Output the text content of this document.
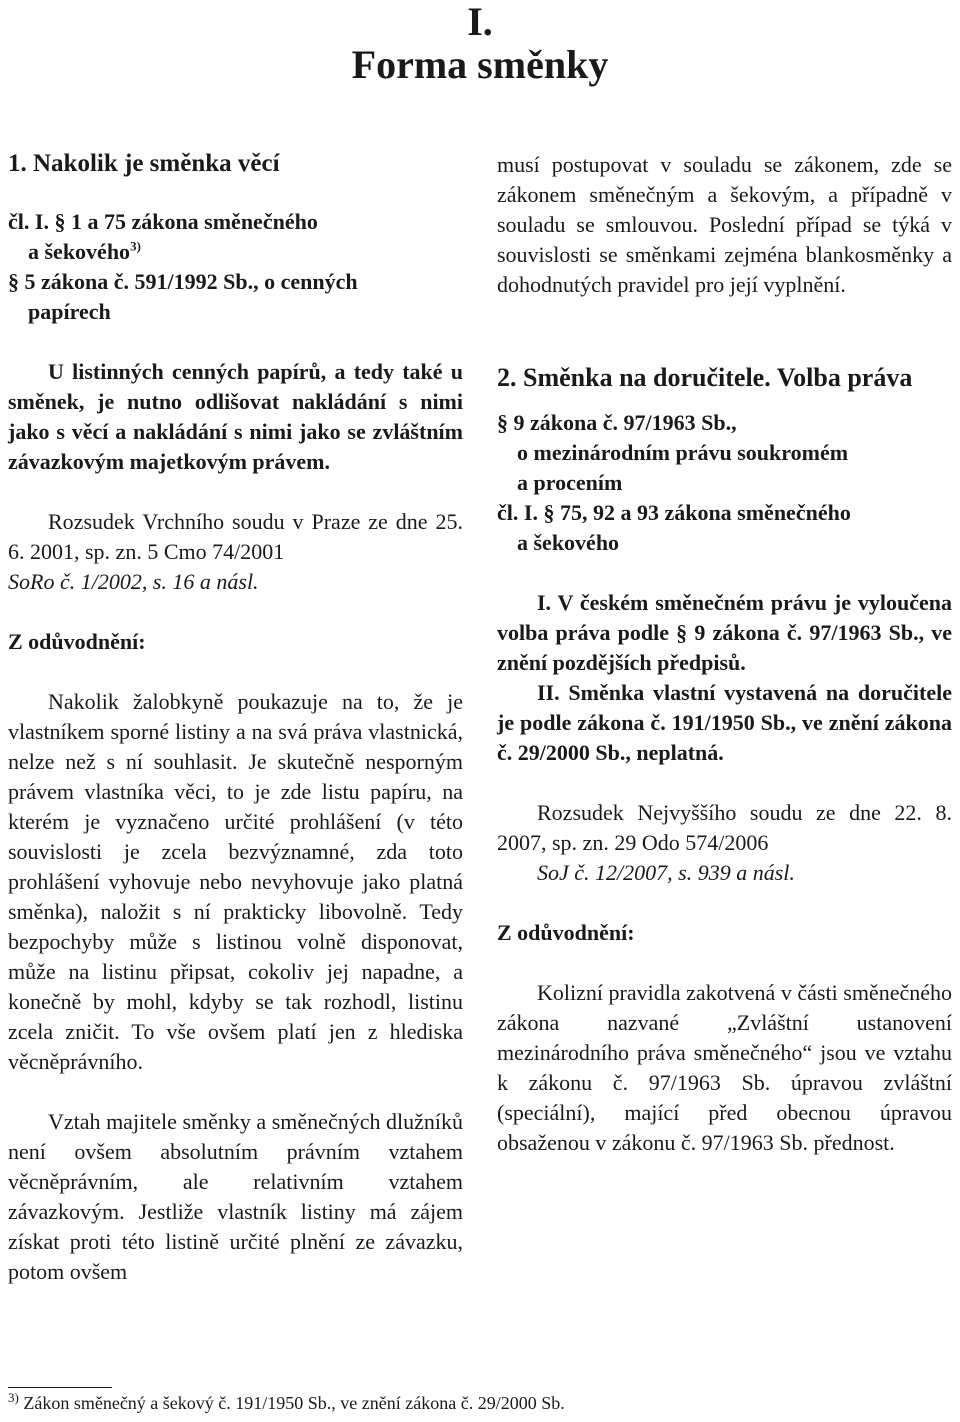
I.
Forma směnky

1. Nakolik je směnka věcí

čl. I. § 1 a 75 zákona směnečného

a šekového$^{3)}$

§ 5 zákona č. 591/1992 Sb., o cenných

papírech

U listinných cenných papírů, a tedy také u směnek, je nutno odlišovat nakládání s nimi jako s věcí a nakládání s nimi jako se zvláštním závazkovým majetkovým právem.

Rozsudek Vrchního soudu v Praze ze dne 25. 6. 2001, sp. zn. 5 Cmo 74/2001

SoRo č. 1/2002, s. 16 a násl.

Z odůvodnění:

Nakolik žalobkyně poukazuje na to, že je vlastníkem sporné listiny a na svá práva vlastnická, nelze než s ní souhlasit. Je skutečně nesporným právem vlastníka věci, to je zde listu papíru, na kterém je vyznačeno určité prohlášení (v této souvislosti je zcela bezvýznamné, zda toto prohlášení vyhovuje nebo nevyhovuje jako platná směnka), naložit s ní prakticky libovolně. Tedy bezpochyby může s listinou volně disponovat, může na listinu připsat, cokoliv jej napadne, a konečně by mohl, kdyby se tak rozhodl, listinu zcela zničit. To vše ovšem platí jen z hlediska věcněprávního.

Vztah majitele směnky a směnečných dlužníků není ovšem absolutním právním vztahem věcněprávním, ale relativním vztahem závazkovým. Jestliže vlastník listiny má zájem získat proti této listině určité plnění ze závazku, potom ovšem

musí postupovat v souladu se zákonem, zde se zákonem směnečným a šekovým, a případně v souladu se smlouvou. Poslední případ se týká v souvislosti se směnkami zejména blankosměnky a dohodnutých pravidel pro její vyplnění.

2. Směnka na doručitele. Volba práva

§ 9 zákona č. 97/1963 Sb.,

o mezinárodním právu soukromém

a procením

čl. I. § 75, 92 a 93 zákona směnečného

a šekového

I. V českém směnečném právu je vyloučena volba práva podle § 9 zákona č. 97/1963 Sb., ve znění pozdějších předpisů.

II. Směnka vlastní vystavená na doručitele je podle zákona č. 191/1950 Sb., ve znění zákona č. 29/2000 Sb., neplatná.

Rozsudek Nejvyššího soudu ze dne 22. 8. 2007, sp. zn. 29 Odo 574/2006

SoJ č. 12/2007, s. 939 a násl.

Z odůvodnění:

Kolizní pravidla zakotvená v části směnečného zákona nazvané „Zvláštní ustanovení mezinárodního práva směnečného“ jsou ve vztahu k zákonu č. 97/1963 Sb. úpravou zvláštní (speciální), mající před obecnou úpravou obsaženou v zákonu č. 97/1963 Sb. přednost.

$^{3)}$ Zákon směnečný a šekový č. 191/1950 Sb., ve znění zákona č. 29/2000 Sb.
